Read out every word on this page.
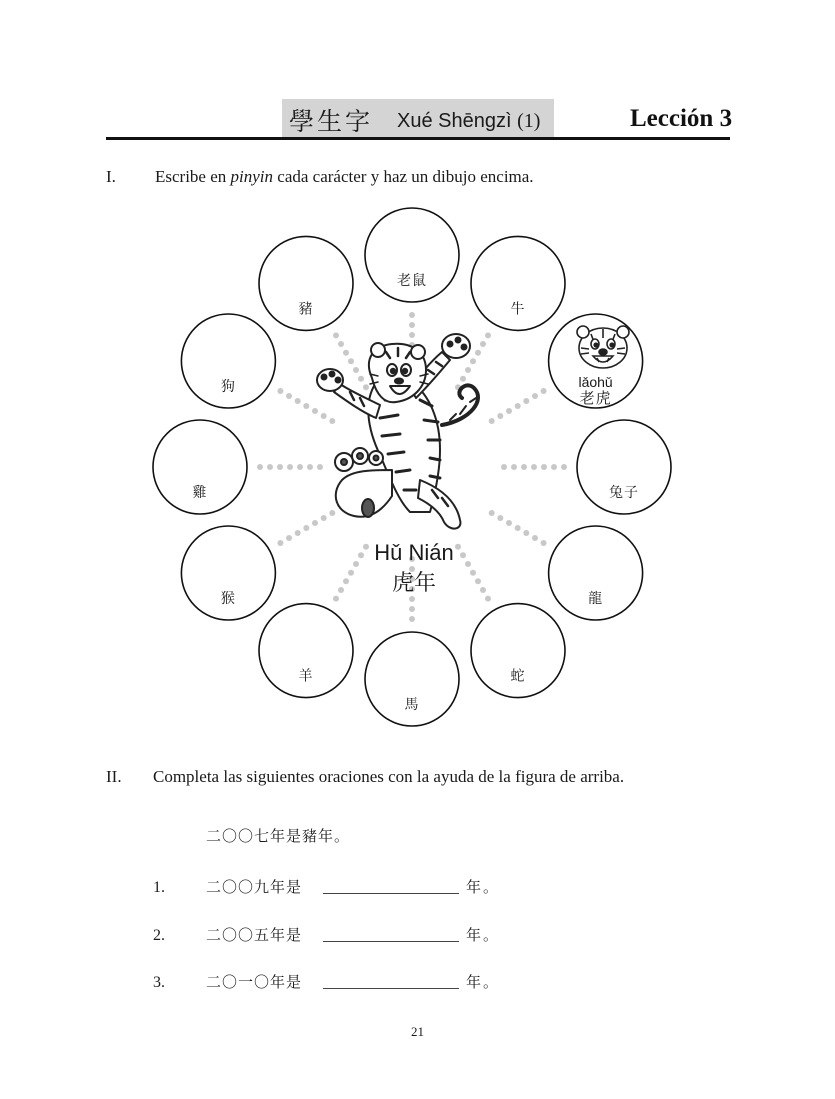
學生字 Xué Shēngzì (1)	Lección 3
I. Escribe en pinyin cada carácter y haz un dibujo encima.
老鼠
牛
lǎohǔ
老虎
兔子
龍
蛇
馬
羊
猴
雞
狗
豬
Hǔ Nián
虎年
II. Completa las siguientes oraciones con la ayuda de la figura de arriba.
二〇〇七年是豬年。
1.	二〇〇九年是	年。
2.	二〇〇五年是	年。
3.	二〇一〇年是	年。
21
